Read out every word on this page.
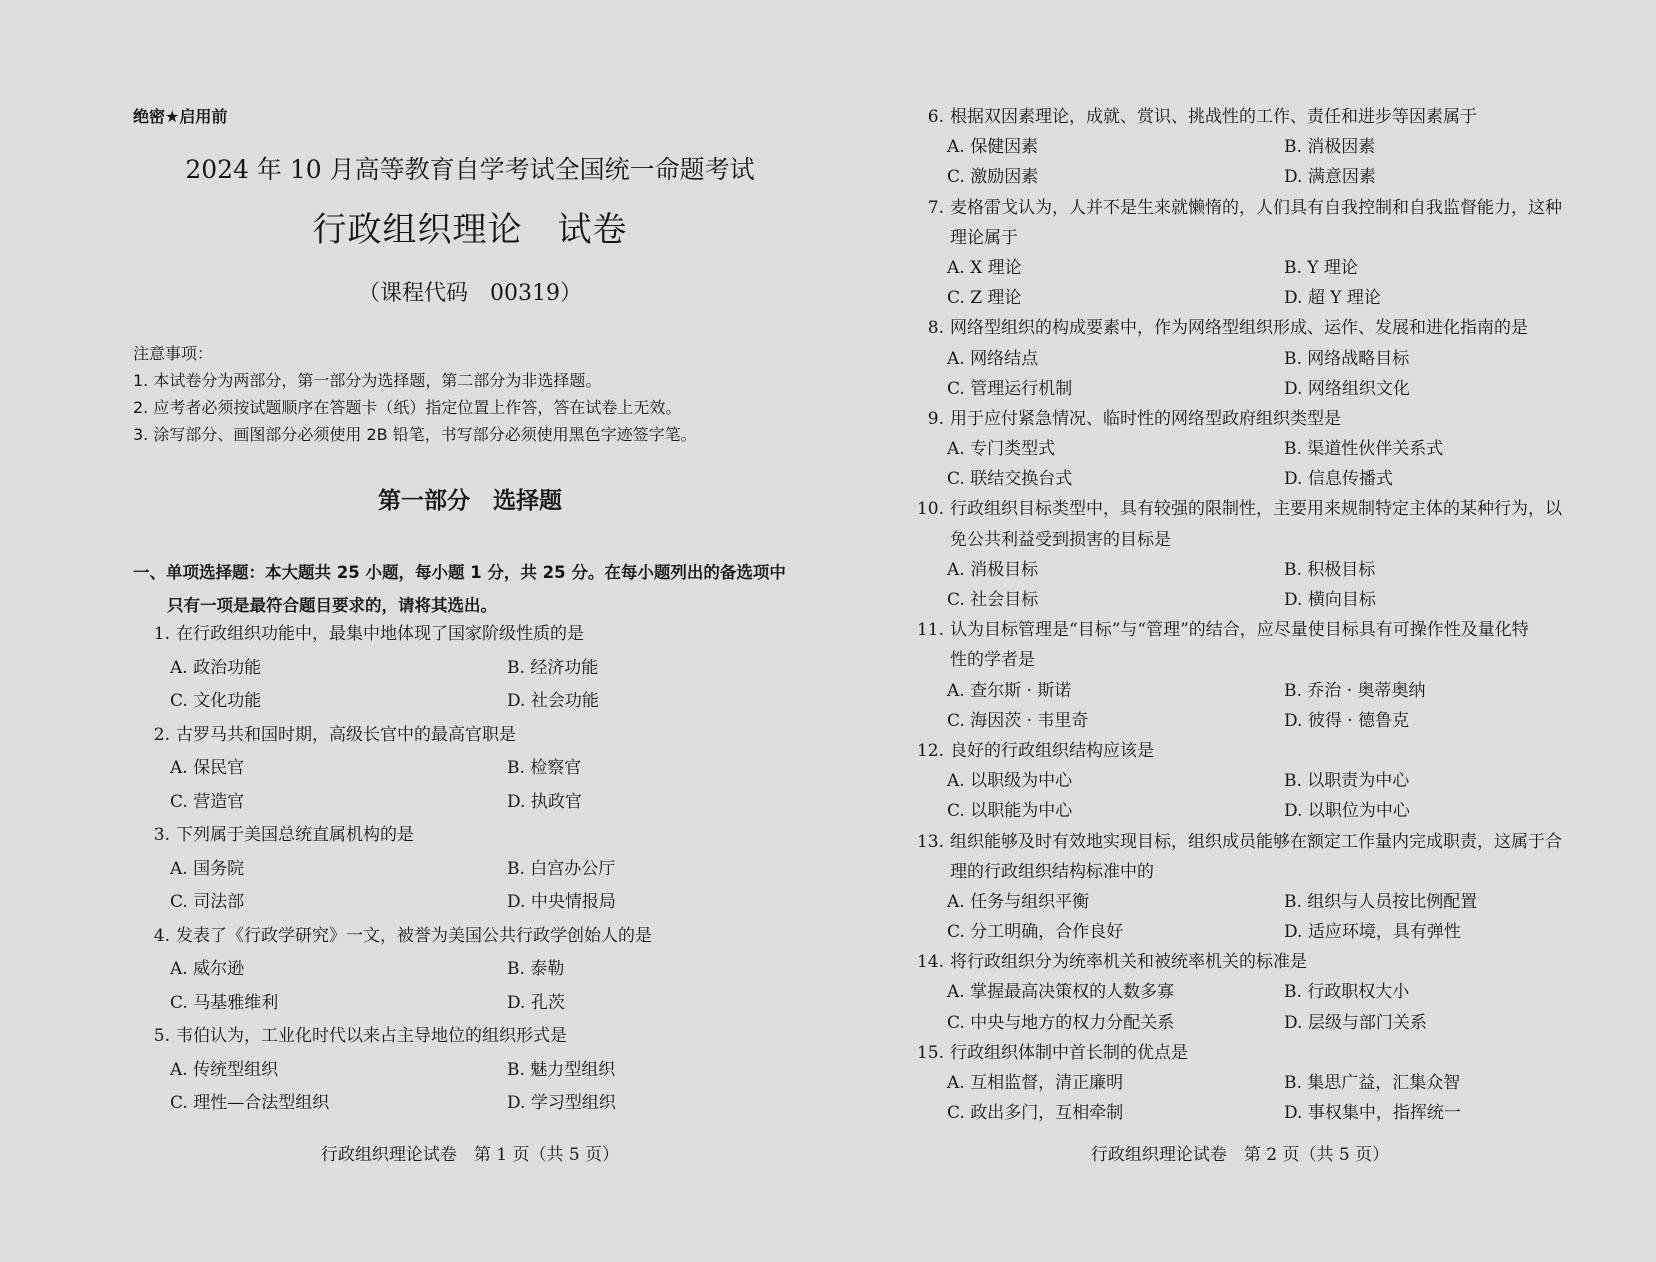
绝密★启用前
2024 年 10 月高等教育自学考试全国统一命题考试
行政组织理论　试卷
（课程代码　00319）
注意事项：
1. 本试卷分为两部分，第一部分为选择题，第二部分为非选择题。
2. 应考者必须按试题顺序在答题卡（纸）指定位置上作答，答在试卷上无效。
3. 涂写部分、画图部分必须使用 2B 铅笔，书写部分必须使用黑色字迹签字笔。
第一部分　选择题
一、单项选择题：本大题共 25 小题，每小题 1 分，共 25 分。在每小题列出的备选项中
只有一项是最符合题目要求的，请将其选出。
1. 在行政组织功能中，最集中地体现了国家阶级性质的是
A. 政治功能	B. 经济功能
C. 文化功能	D. 社会功能
2. 古罗马共和国时期，高级长官中的最高官职是
A. 保民官	B. 检察官
C. 营造官	D. 执政官
3. 下列属于美国总统直属机构的是
A. 国务院	B. 白宫办公厅
C. 司法部	D. 中央情报局
4. 发表了《行政学研究》一文，被誉为美国公共行政学创始人的是
A. 威尔逊	B. 泰勒
C. 马基雅维利	D. 孔茨
5. 韦伯认为，工业化时代以来占主导地位的组织形式是
A. 传统型组织	B. 魅力型组织
C. 理性—合法型组织	D. 学习型组织
行政组织理论试卷　第 1 页（共 5 页）
6. 根据双因素理论，成就、赏识、挑战性的工作、责任和进步等因素属于
A. 保健因素	B. 消极因素
C. 激励因素	D. 满意因素
7. 麦格雷戈认为，人并不是生来就懒惰的，人们具有自我控制和自我监督能力，这种
理论属于
A. X 理论	B. Y 理论
C. Z 理论	D. 超 Y 理论
8. 网络型组织的构成要素中，作为网络型组织形成、运作、发展和进化指南的是
A. 网络结点	B. 网络战略目标
C. 管理运行机制	D. 网络组织文化
9. 用于应付紧急情况、临时性的网络型政府组织类型是
A. 专门类型式	B. 渠道性伙伴关系式
C. 联结交换台式	D. 信息传播式
10. 行政组织目标类型中，具有较强的限制性，主要用来规制特定主体的某种行为，以
免公共利益受到损害的目标是
A. 消极目标	B. 积极目标
C. 社会目标	D. 横向目标
11. 认为目标管理是“目标”与“管理”的结合，应尽量使目标具有可操作性及量化特
性的学者是
A. 查尔斯 · 斯诺	B. 乔治 · 奥蒂奥纳
C. 海因茨 · 韦里奇	D. 彼得 · 德鲁克
12. 良好的行政组织结构应该是
A. 以职级为中心	B. 以职责为中心
C. 以职能为中心	D. 以职位为中心
13. 组织能够及时有效地实现目标，组织成员能够在额定工作量内完成职责，这属于合
理的行政组织结构标准中的
A. 任务与组织平衡	B. 组织与人员按比例配置
C. 分工明确，合作良好	D. 适应环境，具有弹性
14. 将行政组织分为统率机关和被统率机关的标准是
A. 掌握最高决策权的人数多寡	B. 行政职权大小
C. 中央与地方的权力分配关系	D. 层级与部门关系
15. 行政组织体制中首长制的优点是
A. 互相监督，清正廉明	B. 集思广益，汇集众智
C. 政出多门，互相牵制	D. 事权集中，指挥统一
行政组织理论试卷　第 2 页（共 5 页）
